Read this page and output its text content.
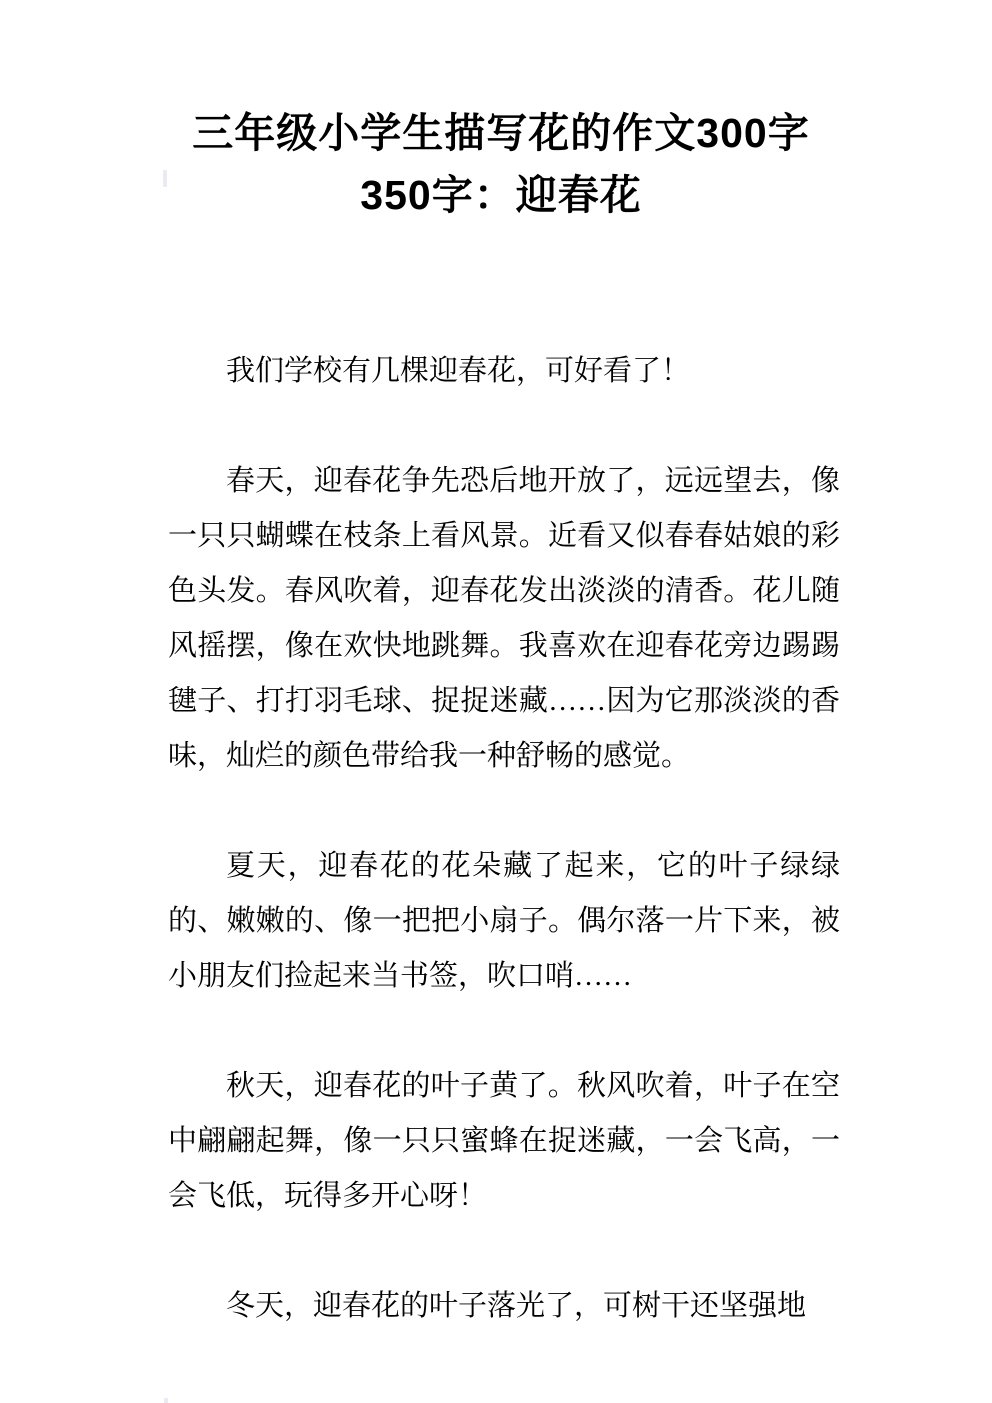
三年级小学生描写花的作文300字350字：迎春花

我们学校有几棵迎春花，可好看了！

春天，迎春花争先恐后地开放了，远远望去，像一只只蝴蝶在枝条上看风景。近看又似春春姑娘的彩色头发。春风吹着，迎春花发出淡淡的清香。花儿随风摇摆，像在欢快地跳舞。我喜欢在迎春花旁边踢踢毽子、打打羽毛球、捉捉迷藏……因为它那淡淡的香味，灿烂的颜色带给我一种舒畅的感觉。

夏天，迎春花的花朵藏了起来，它的叶子绿绿的、嫩嫩的、像一把把小扇子。偶尔落一片下来，被小朋友们捡起来当书签，吹口哨……

秋天，迎春花的叶子黄了。秋风吹着，叶子在空中翩翩起舞，像一只只蜜蜂在捉迷藏，一会飞高，一会飞低，玩得多开心呀！

冬天，迎春花的叶子落光了，可树干还坚强地
